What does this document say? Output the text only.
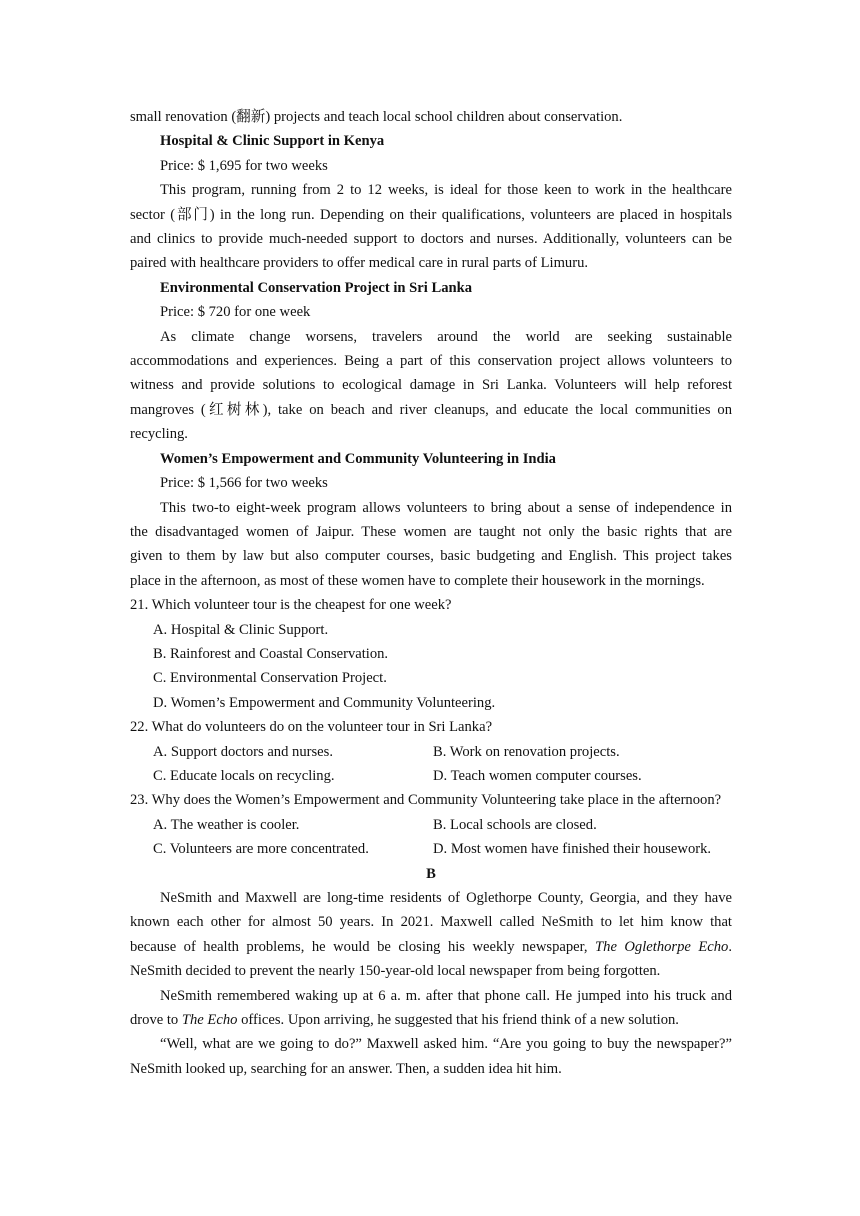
small renovation (翻新) projects and teach local school children about conservation.

Hospital & Clinic Support in Kenya

Price: $ 1,695 for two weeks

This program, running from 2 to 12 weeks, is ideal for those keen to work in the healthcare

sector (部门) in the long run. Depending on their qualifications, volunteers are placed in hospitals

and clinics to provide much-needed support to doctors and nurses. Additionally, volunteers can be

paired with healthcare providers to offer medical care in rural parts of Limuru.

Environmental Conservation Project in Sri Lanka

Price: $ 720 for one week

As climate change worsens, travelers around the world are seeking sustainable

accommodations and experiences. Being a part of this conservation project allows volunteers to

witness and provide solutions to ecological damage in Sri Lanka. Volunteers will help reforest

mangroves (红树林), take on beach and river cleanups, and educate the local communities on

recycling.

Women’s Empowerment and Community Volunteering in India

Price: $ 1,566 for two weeks

This two-to eight-week program allows volunteers to bring about a sense of independence in

the disadvantaged women of Jaipur. These women are taught not only the basic rights that are

given to them by law but also computer courses, basic budgeting and English. This project takes

place in the afternoon, as most of these women have to complete their housework in the mornings.

21. Which volunteer tour is the cheapest for one week?

A. Hospital & Clinic Support.

B. Rainforest and Coastal Conservation.

C. Environmental Conservation Project.

D. Women’s Empowerment and Community Volunteering.

22. What do volunteers do on the volunteer tour in Sri Lanka?

A. Support doctors and nurses.	B. Work on renovation projects.
C. Educate locals on recycling.	D. Teach women computer courses.

23. Why does the Women’s Empowerment and Community Volunteering take place in the afternoon?

A. The weather is cooler.	B. Local schools are closed.
C. Volunteers are more concentrated.	D. Most women have finished their housework.

B

NeSmith and Maxwell are long-time residents of Oglethorpe County, Georgia, and they have

known each other for almost 50 years. In 2021. Maxwell called NeSmith to let him know that

because of health problems, he would be closing his weekly newspaper, The Oglethorpe Echo.

NeSmith decided to prevent the nearly 150-year-old local newspaper from being forgotten.

NeSmith remembered waking up at 6 a. m. after that phone call. He jumped into his truck and

drove to The Echo offices. Upon arriving, he suggested that his friend think of a new solution.

“Well, what are we going to do?” Maxwell asked him. “Are you going to buy the newspaper?”

NeSmith looked up, searching for an answer. Then, a sudden idea hit him.
